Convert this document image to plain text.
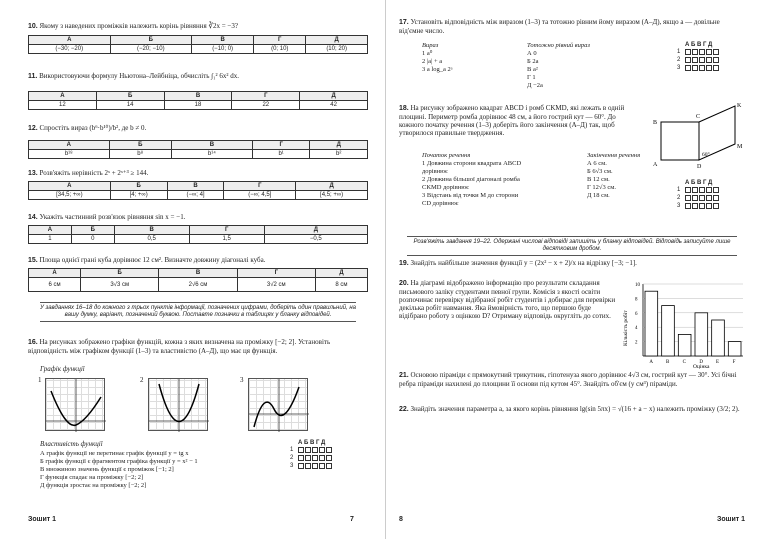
10. Якому з наведених проміжків належить корінь рівняння ∛2x = −3?
А	Б	В	Г	Д
(−30; −20)	(−20; −10)	(−10; 0)	(0; 10)	(10; 20)
11. Використовуючи формулу Ньютона–Лейбніца, обчисліть ∫₁² 6x² dx.
А	Б	В	Г	Д
12	14	18	22	42
12. Спростіть вираз (b⁶·b¹⁰)/b², де b ≠ 0.
А	Б	В	Г	Д
b¹⁸	b⁸	b¹⁴	b¹	b²
13. Розв'яжіть нерівність 2ˣ + 2ˣ⁺³ ≥ 144.
А	Б	В	Г	Д
[34,5; +∞)	[4; +∞)	(−∞; 4]	(−∞; 4,5]	[4,5; +∞)
14. Укажіть частинний розв'язок рівняння sin x = −1.
А	Б	В	Г	Д
1	0	0,5	1,5	−0,5
15. Площа однієї грані куба дорівнює 12 см². Визначте довжину діагоналі куба.
А	Б	В	Г	Д
6 см	3√3 см	2√6 см	3√2 см	8 см
У завданнях 16–18 до кожного з трьох пунктів інформації, позначених цифрами, доберіть один правильний, на вашу думку, варіант, позначений буквою. Поставте позначки в таблицях у бланку відповідей.
16. На рисунках зображено графіки функцій, кожна з яких визначена на проміжку [−2; 2]. Установіть відповідність між графіком функції (1–3) та властивістю (А–Д), що має ця функція.
Графік функції
1	2	3
Властивість функції
А графік функції не перетинає графік функції y = tg x
Б графік функції є фрагментом графіка функції y = x² − 1
В множиною значень функції є проміжок [−1; 2]
Г функція спадає на проміжку [−2; 2]
Д функція зростає на проміжку [−2; 2]
А Б В Г Д
1
2
3
Зошит 1	7
17. Установіть відповідність між виразом (1–3) та тотожно рівним йому виразом (А–Д), якщо a — довільне від'ємне число.
Вираз
1 a⁰
2 |a| + a
3 a log_a 2ᵃ
Тотожно рівний вираз
А 0
Б 2a
В a²
Г 1
Д −2a
А Б В Г Д
1
2
3
18. На рисунку зображено квадрат ABCD і ромб CKMD, які лежать в одній площині. Периметр ромба дорівнює 48 см, а його гострий кут — 60°. До кожного початку речення (1–3) доберіть його закінчення (А–Д) так, щоб утворилося правильне твердження.
B
C
K
M
A	D
60°
Початок речення
1 Довжина сторони квадрата ABCD дорівнює
2 Довжина більшої діагоналі ромба CKMD дорівнює
3 Відстань від точки M до сторони CD дорівнює
Закінчення речення
А 6 см.
Б 6√3 см.
В 12 см.
Г 12√3 см.
Д 18 см.
А Б В Г Д
1
2
3
Розв'яжіть завдання 19–22. Одержані числові відповіді запишіть у бланку відповідей. Відповідь записуйте лише десятковим дробом.
19. Знайдіть найбільше значення функції y = (2x² − x + 2)/x на відрізку [−3; −1].
20. На діаграмі відображено інформацію про результати складання письмового заліку студентами певної групи. Комісія з якості освіти розпочинає перевірку відібраної робіт студентів і добирає для перевірки декілька робіт навмання. Яка ймовірність того, що першою буде відібрано роботу з оцінкою D? Отриману відповідь округліть до сотих.	Кількість робіт
Оцінка
2
4
6
8
10
A	B	C	D	E	F
21. Основою піраміди є прямокутний трикутник, гіпотенуза якого дорівнює 4√3 см, гострий кут — 30°. Усі бічні ребра піраміди нахилені до площини її основи під кутом 45°. Знайдіть об'єм (у см³) піраміди.
22. Знайдіть значення параметра a, за якого корінь рівняння lg(sin 5πx) = √(16 + a − x) належить проміжку (3/2; 2).
8	Зошит 1
